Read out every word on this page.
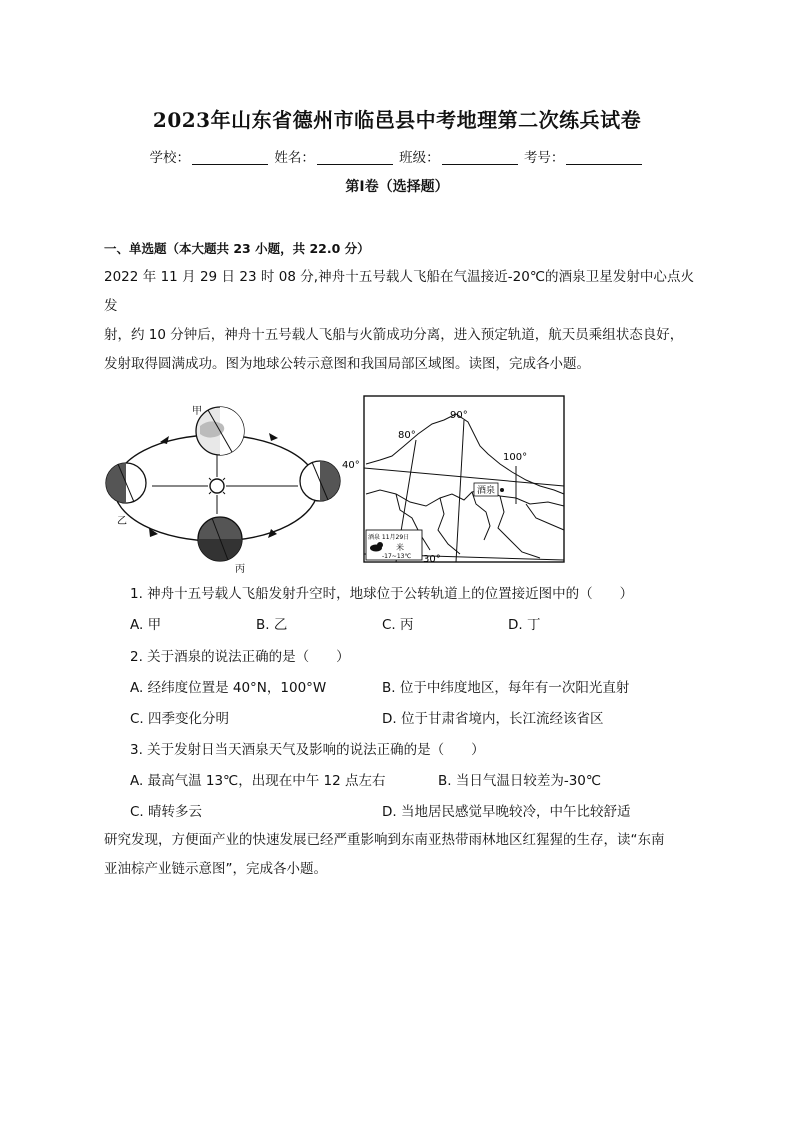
2023年山东省德州市临邑县中考地理第二次练兵试卷
学校：	姓名：	班级：	考号：
第I卷（选择题）
一、单选题（本大题共 23 小题，共 22.0 分）
2022 年 11 月 29 日 23 时 08 分,神舟十五号载人飞船在气温接近-20℃的酒泉卫星发射中心点火发
射，约 10 分钟后，神舟十五号载人飞船与火箭成功分离，进入预定轨道，航天员乘组状态良好，
发射取得圆满成功。图为地球公转示意图和我国局部区域图。读图，完成各小题。
甲
乙
丙
80°
90°
100°
40°
30°
酒泉
酒泉 11月29日
米
-17~13℃
1. 神舟十五号载人飞船发射升空时，地球位于公转轨道上的位置接近图中的（　　）
A. 甲	B. 乙	C. 丙	D. 丁
2. 关于酒泉的说法正确的是（　　）
A. 经纬度位置是 40°N，100°W	B. 位于中纬度地区，每年有一次阳光直射
C. 四季变化分明	D. 位于甘肃省境内，长江流经该省区
3. 关于发射日当天酒泉天气及影响的说法正确的是（　　）
A. 最高气温 13℃，出现在中午 12 点左右	B. 当日气温日较差为-30℃
C. 晴转多云	D. 当地居民感觉早晚较冷，中午比较舒适
研究发现，方便面产业的快速发展已经严重影响到东南亚热带雨林地区红猩猩的生存，读“东南
亚油棕产业链示意图”，完成各小题。
